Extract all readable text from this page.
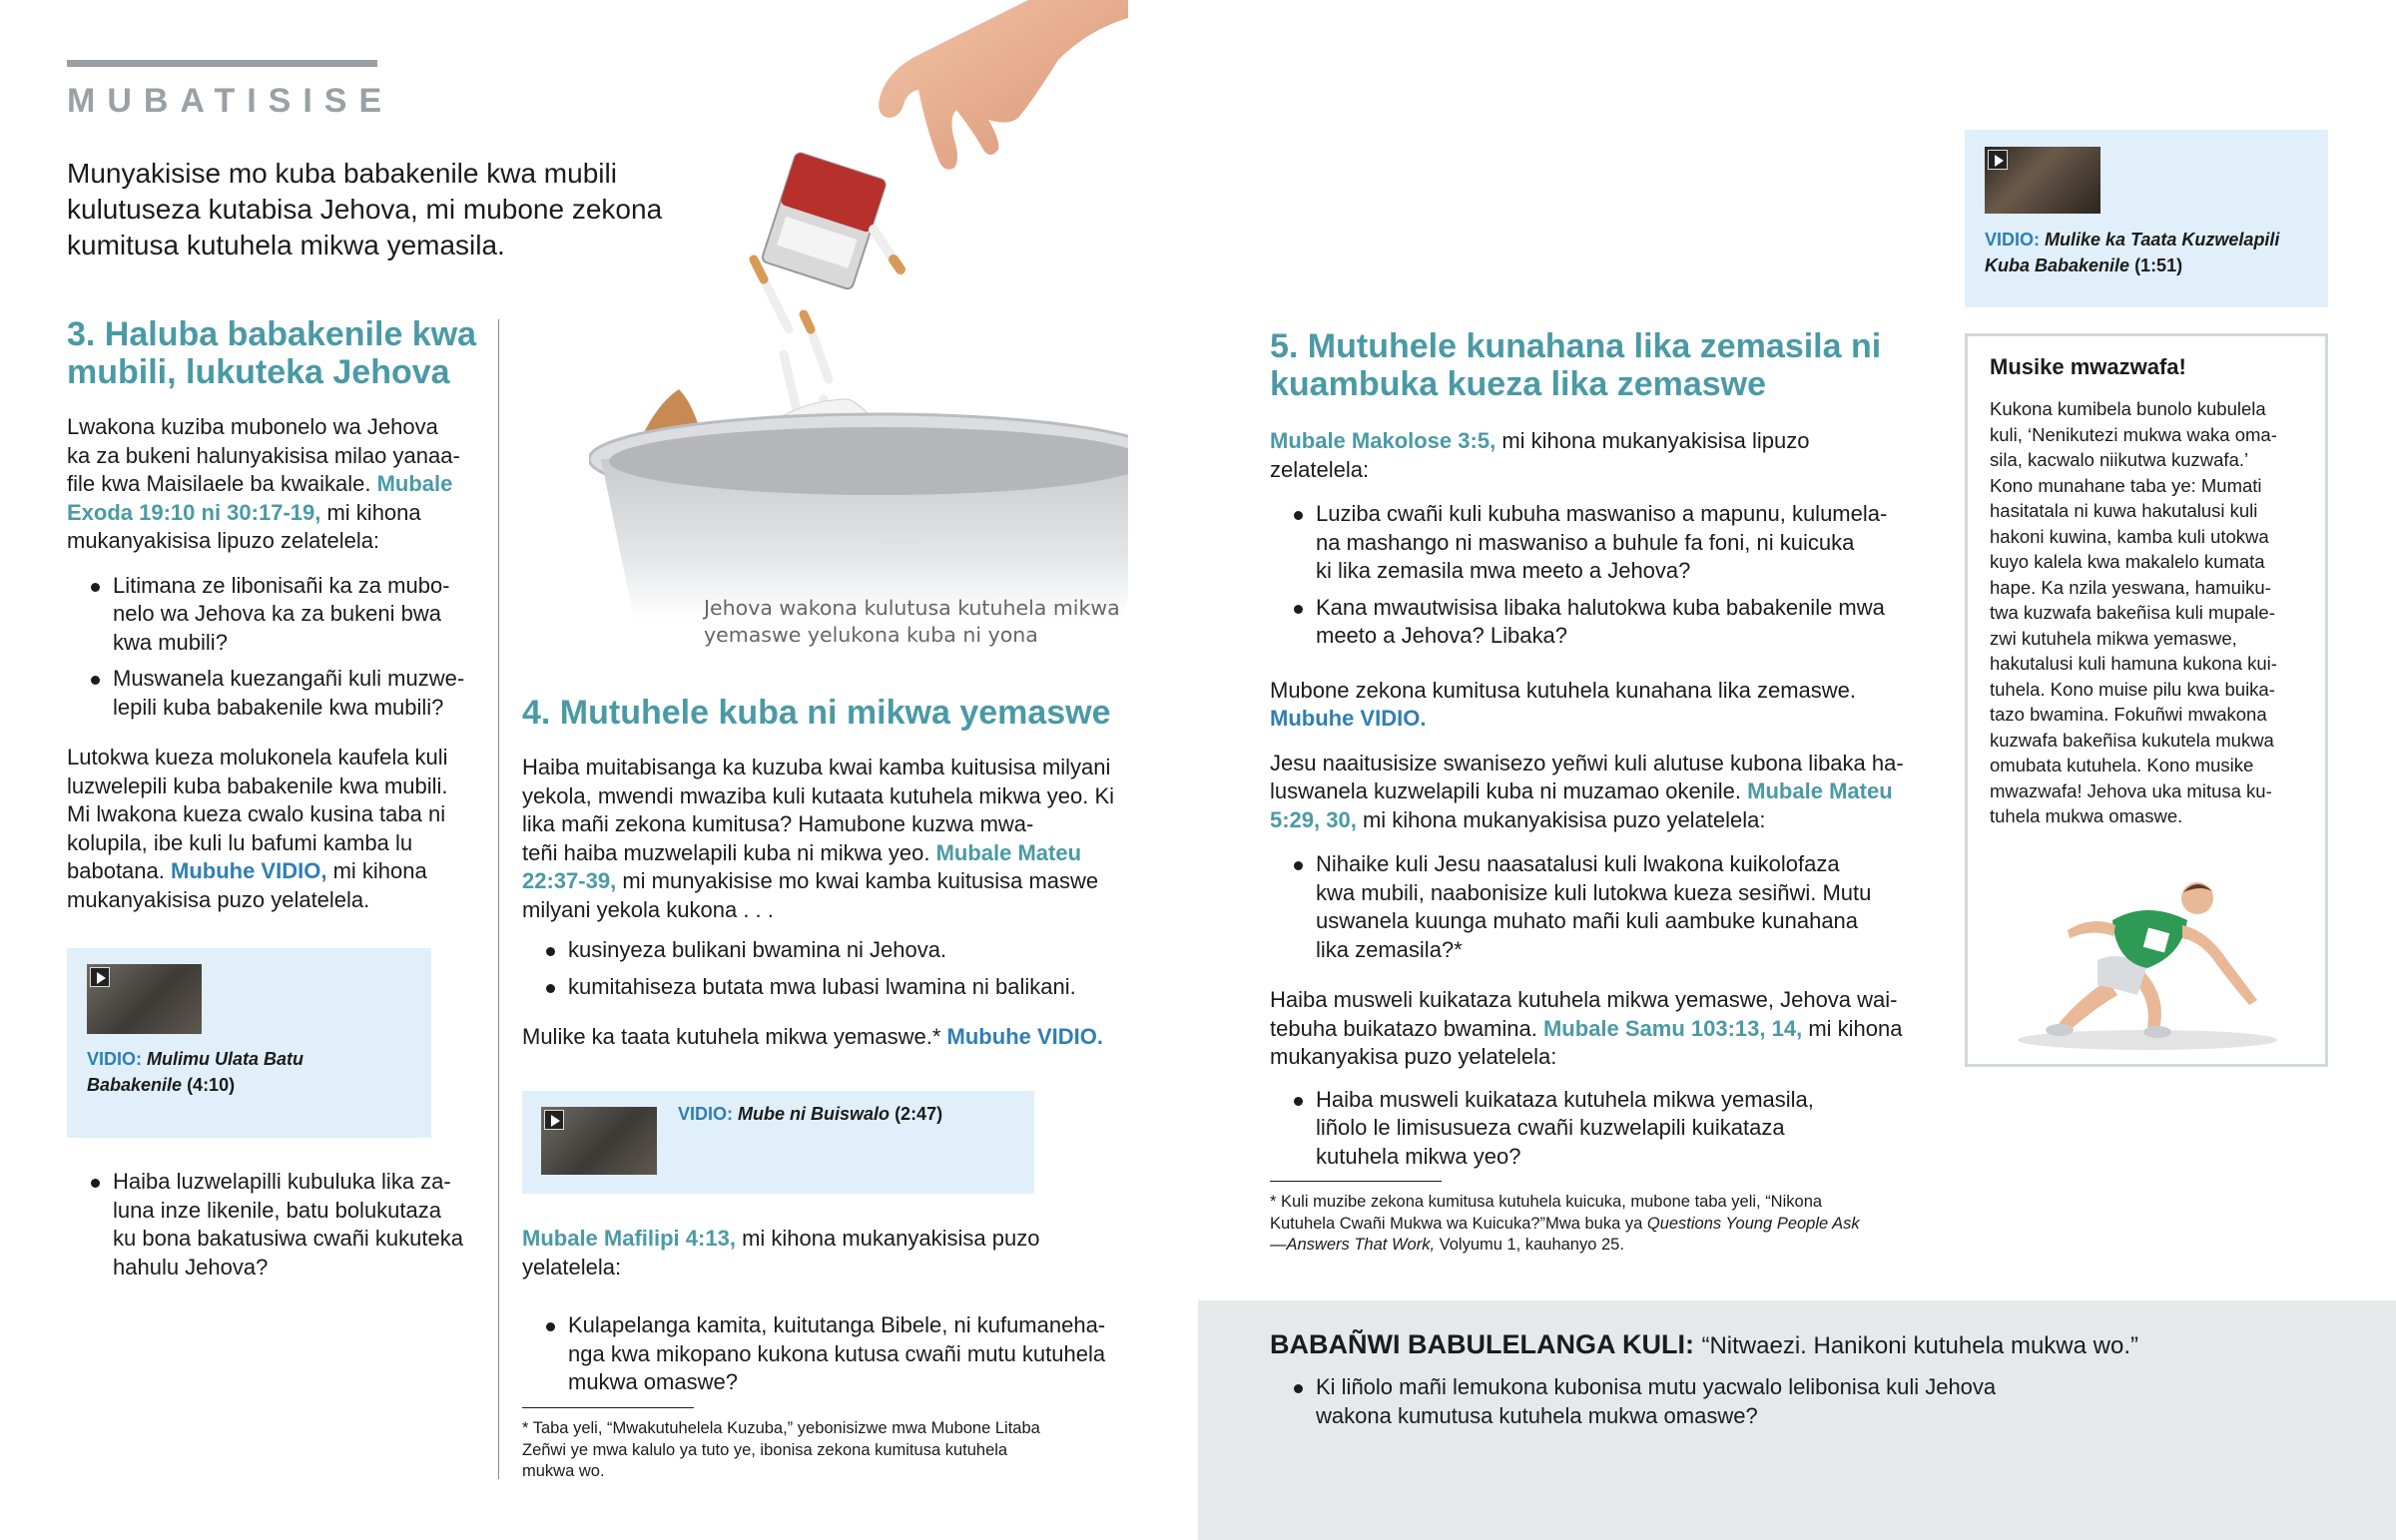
MUBATISISE
Munyakisise mo kuba babakenile kwa mubili kulutuseza kutabisa Jehova, mi mubone zekona kumitusa kutuhela mikwa yemasila.
Jehova wakona kulutusa kutuhela mikwa
yemaswe yelukona kuba ni yona
3. Haluba babakenile kwa
mubili, lukuteka Jehova
Lwakona kuziba mubonelo wa Jehova
ka za bukeni halunyakisisa milao yanaa-
file kwa Maisilaele ba kwaikale. Mubale
Exoda 19:10 ni 30:17-19, mi kihona
mukanyakisisa lipuzo zelatelela:
Litimana ze libonisañi ka za mubo-
nelo wa Jehova ka za bukeni bwa
kwa mubili?
Muswanela kuezangañi kuli muzwe-
lepili kuba babakenile kwa mubili?
Lutokwa kueza molukonela kaufela kuli
luzwelepili kuba babakenile kwa mubili.
Mi lwakona kueza cwalo kusina taba ni
kolupila, ibe kuli lu bafumi kamba lu
babotana. Mubuhe VIDIO, mi kihona
mukanyakisisa puzo yelatelela.
VIDIO: Mulimu Ulata Batu
Babakenile (4:10)
Haiba luzwelapilli kubuluka lika za-
luna inze likenile, batu bolukutaza
ku bona bakatusiwa cwañi kukuteka
hahulu Jehova?
4. Mutuhele kuba ni mikwa yemaswe
Haiba muitabisanga ka kuzuba kwai kamba kuitusisa milyani
yekola, mwendi mwaziba kuli kutaata kutuhela mikwa yeo. Ki
lika mañi zekona kumitusa? Hamubone kuzwa mwa-
teñi haiba muzwelapili kuba ni mikwa yeo. Mubale Mateu
22:37-39, mi munyakisise mo kwai kamba kuitusisa maswe
milyani yekola kukona . . .
kusinyeza bulikani bwamina ni Jehova.
kumitahiseza butata mwa lubasi lwamina ni balikani.
Mulike ka taata kutuhela mikwa yemaswe.* Mubuhe VIDIO.
VIDIO: Mube ni Buiswalo (2:47)
Mubale Mafilipi 4:13, mi kihona mukanyakisisa puzo
yelatelela:
Kulapelanga kamita, kuitutanga Bibele, ni kufumaneha-
nga kwa mikopano kukona kutusa cwañi mutu kutuhela
mukwa omaswe?
* Taba yeli, “Mwakutuhelela Kuzuba,” yebonisizwe mwa Mubone Litaba
Zeñwi ye mwa kalulo ya tuto ye, ibonisa zekona kumitusa kutuhela
mukwa wo.
5. Mutuhele kunahana lika zemasila ni
kuambuka kueza lika zemaswe
Mubale Makolose 3:5, mi kihona mukanyakisisa lipuzo
zelatelela:
Luziba cwañi kuli kubuha maswaniso a mapunu, kulumela-
na mashango ni maswaniso a buhule fa foni, ni kuicuka
ki lika zemasila mwa meeto a Jehova?
Kana mwautwisisa libaka halutokwa kuba babakenile mwa
meeto a Jehova? Libaka?
Mubone zekona kumitusa kutuhela kunahana lika zemaswe.
Mubuhe VIDIO.
Jesu naaitusisize swanisezo yeñwi kuli alutuse kubona libaka ha-
luswanela kuzwelapili kuba ni muzamao okenile. Mubale Mateu
5:29, 30, mi kihona mukanyakisisa puzo yelatelela:
Nihaike kuli Jesu naasatalusi kuli lwakona kuikolofaza
kwa mubili, naabonisize kuli lutokwa kueza sesiñwi. Mutu
uswanela kuunga muhato mañi kuli aambuke kunahana
lika zemasila?*
Haiba musweli kuikataza kutuhela mikwa yemaswe, Jehova wai-
tebuha buikatazo bwamina. Mubale Samu 103:13, 14, mi kihona
mukanyakisa puzo yelatelela:
Haiba musweli kuikataza kutuhela mikwa yemasila,
liñolo le limisusueza cwañi kuzwelapili kuikataza
kutuhela mikwa yeo?
* Kuli muzibe zekona kumitusa kutuhela kuicuka, mubone taba yeli, “Nikona
Kutuhela Cwañi Mukwa wa Kuicuka?”Mwa buka ya Questions Young People Ask
—Answers That Work, Volyumu 1, kauhanyo 25.
BABAÑWI BABULELANGA KULI: “Nitwaezi. Hanikoni kutuhela mukwa wo.”
Ki liñolo mañi lemukona kubonisa mutu yacwalo lelibonisa kuli Jehova
wakona kumutusa kutuhela mukwa omaswe?
VIDIO: Mulike ka Taata Kuzwelapili
Kuba Babakenile (1:51)
Musike mwazwafa!
Kukona kumibela bunolo kubulela
kuli, ‘Nenikutezi mukwa waka oma-
sila, kacwalo niikutwa kuzwafa.’
Kono munahane taba ye: Mumati
hasitatala ni kuwa hakutalusi kuli
hakoni kuwina, kamba kuli utokwa
kuyo kalela kwa makalelo kumata
hape. Ka nzila yeswana, hamuiku-
twa kuzwafa bakeñisa kuli mupale-
zwi kutuhela mikwa yemaswe,
hakutalusi kuli hamuna kukona kui-
tuhela. Kono muise pilu kwa buika-
tazo bwamina. Fokuñwi mwakona
kuzwafa bakeñisa kukutela mukwa
omubata kutuhela. Kono musike
mwazwafa! Jehova uka mitusa ku-
tuhela mukwa omaswe.
